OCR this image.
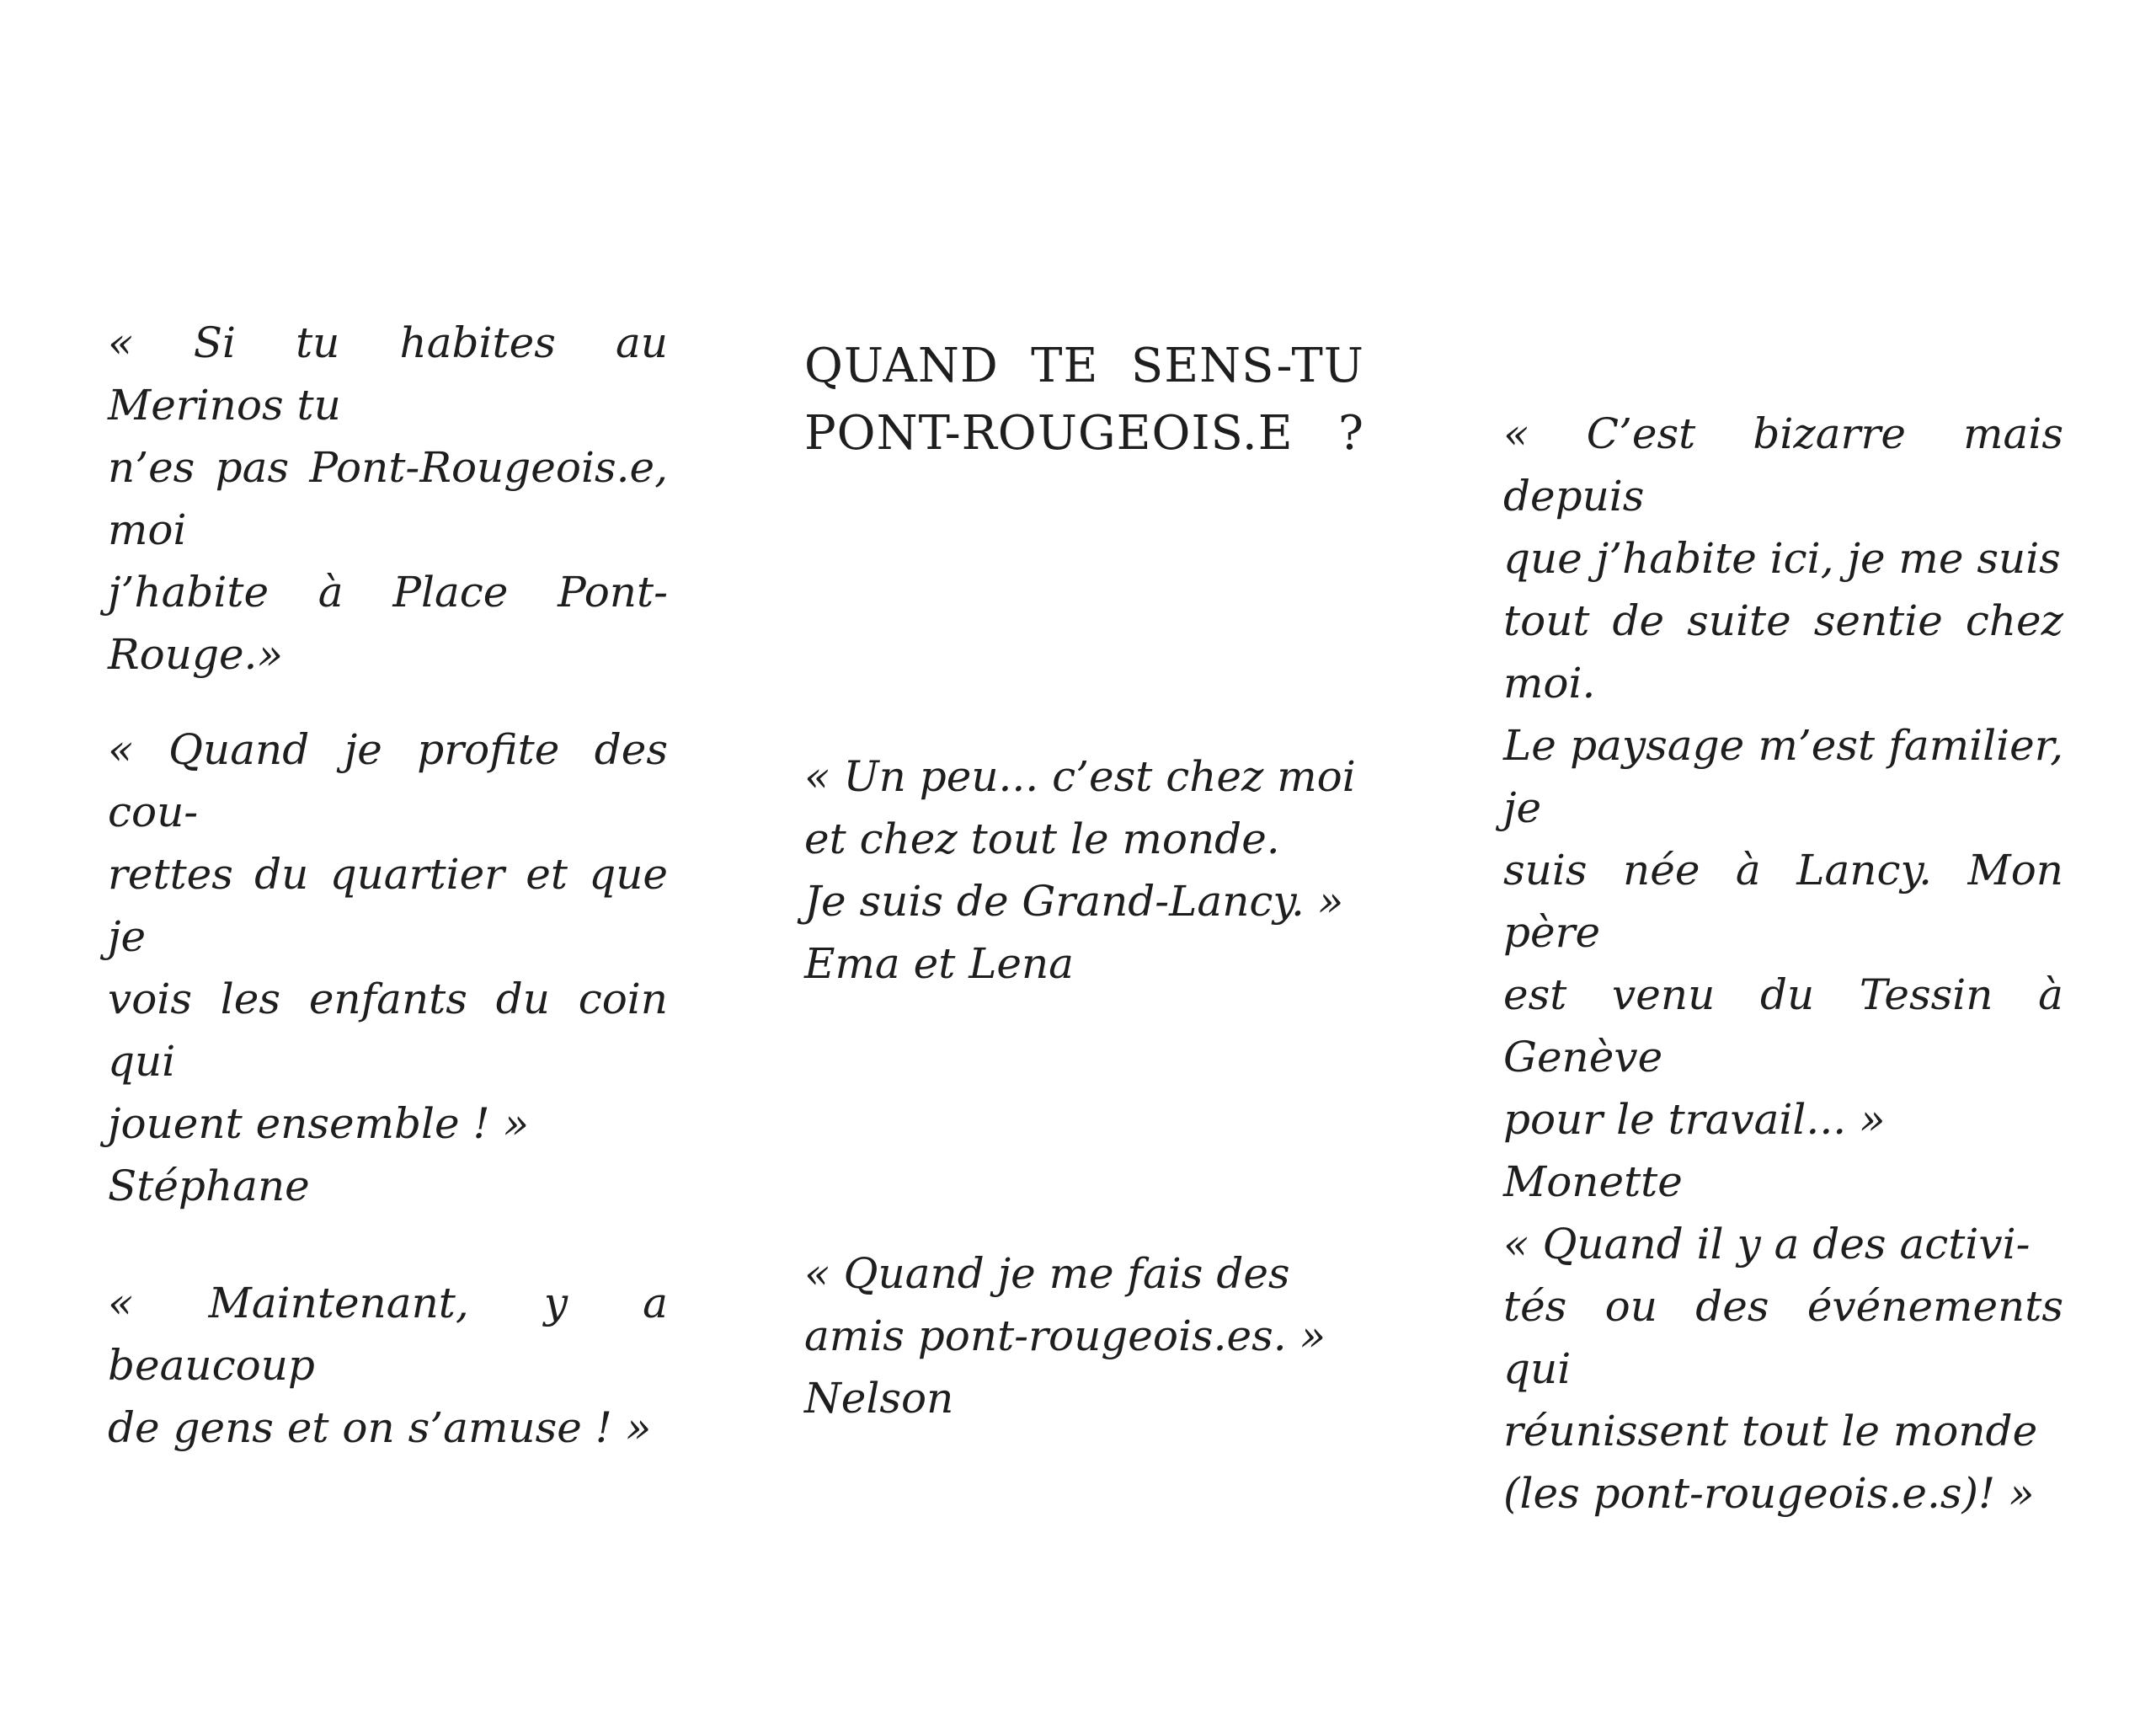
QUAND TE SENS-TU
PONT-ROUGEOIS.E ?
« Si tu habites au Merinos tu
n’es pas Pont-Rougeois.e, moi
j’habite à Place Pont-Rouge.»
« Quand je profite des cou-
rettes du quartier et que je
vois les enfants du coin qui
jouent ensemble ! »
Stéphane
« Maintenant, y a beaucoup
de gens et on s’amuse ! »
« Un peu... c’est chez moi
et chez tout le monde.
Je suis de Grand-Lancy. »
Ema et Lena
« Quand je me fais des
amis pont-rougeois.es. »
Nelson
« C’est bizarre mais depuis
que j’habite ici, je me suis
tout de suite sentie chez moi.
Le paysage m’est familier, je
suis née à Lancy. Mon père
est venu du Tessin à Genève
pour le travail... »
Monette
« Quand il y a des activi-
tés ou des événements qui
réunissent tout le monde
(les pont-rougeois.e.s)! »
